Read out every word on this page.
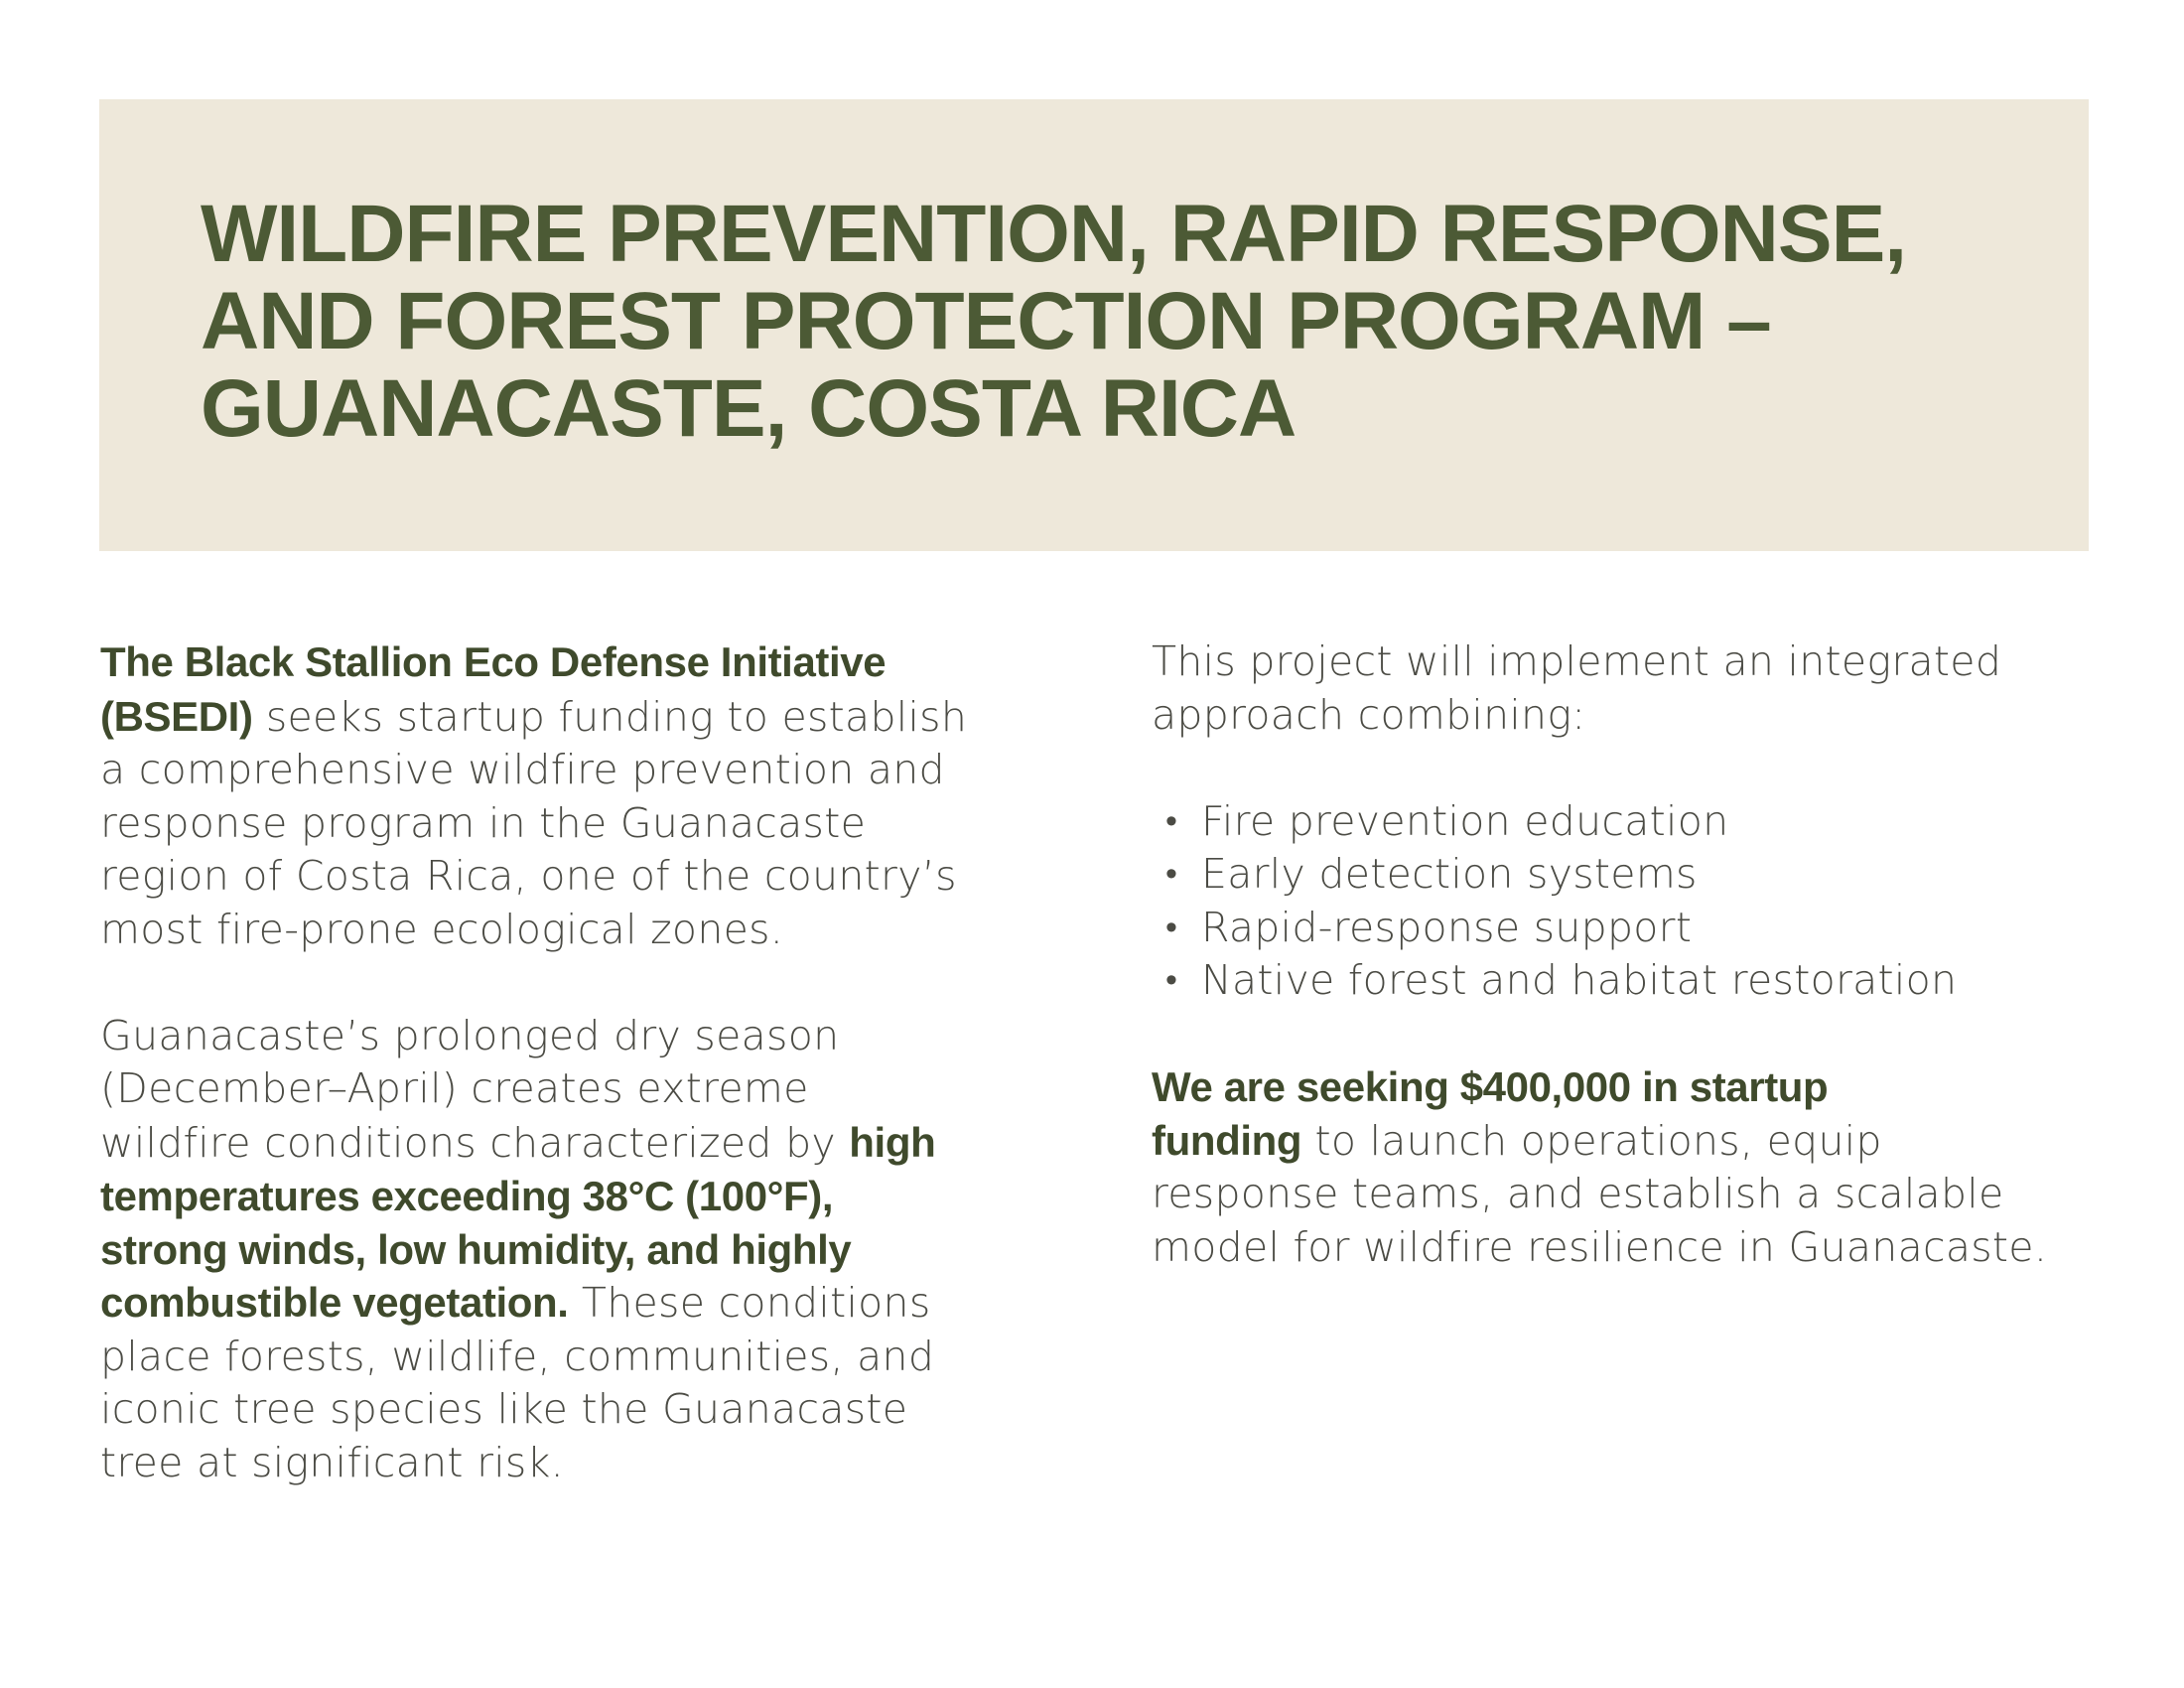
WILDFIRE PREVENTION, RAPID RESPONSE,
AND FOREST PROTECTION PROGRAM –
GUANACASTE, COSTA RICA

The Black Stallion Eco Defense Initiative
(BSEDI) seeks startup funding to establish
a comprehensive wildfire prevention and
response program in the Guanacaste
region of Costa Rica, one of the country’s
most fire-prone ecological zones.

Guanacaste’s prolonged dry season
(December–April) creates extreme
wildfire conditions characterized by high
temperatures exceeding 38°C (100°F),
strong winds, low humidity, and highly
combustible vegetation. These conditions
place forests, wildlife, communities, and
iconic tree species like the Guanacaste
tree at significant risk.

This project will implement an integrated
approach combining:

• Fire prevention education
• Early detection systems
• Rapid-response support
• Native forest and habitat restoration

We are seeking $400,000 in startup
funding to launch operations, equip
response teams, and establish a scalable
model for wildfire resilience in Guanacaste.
